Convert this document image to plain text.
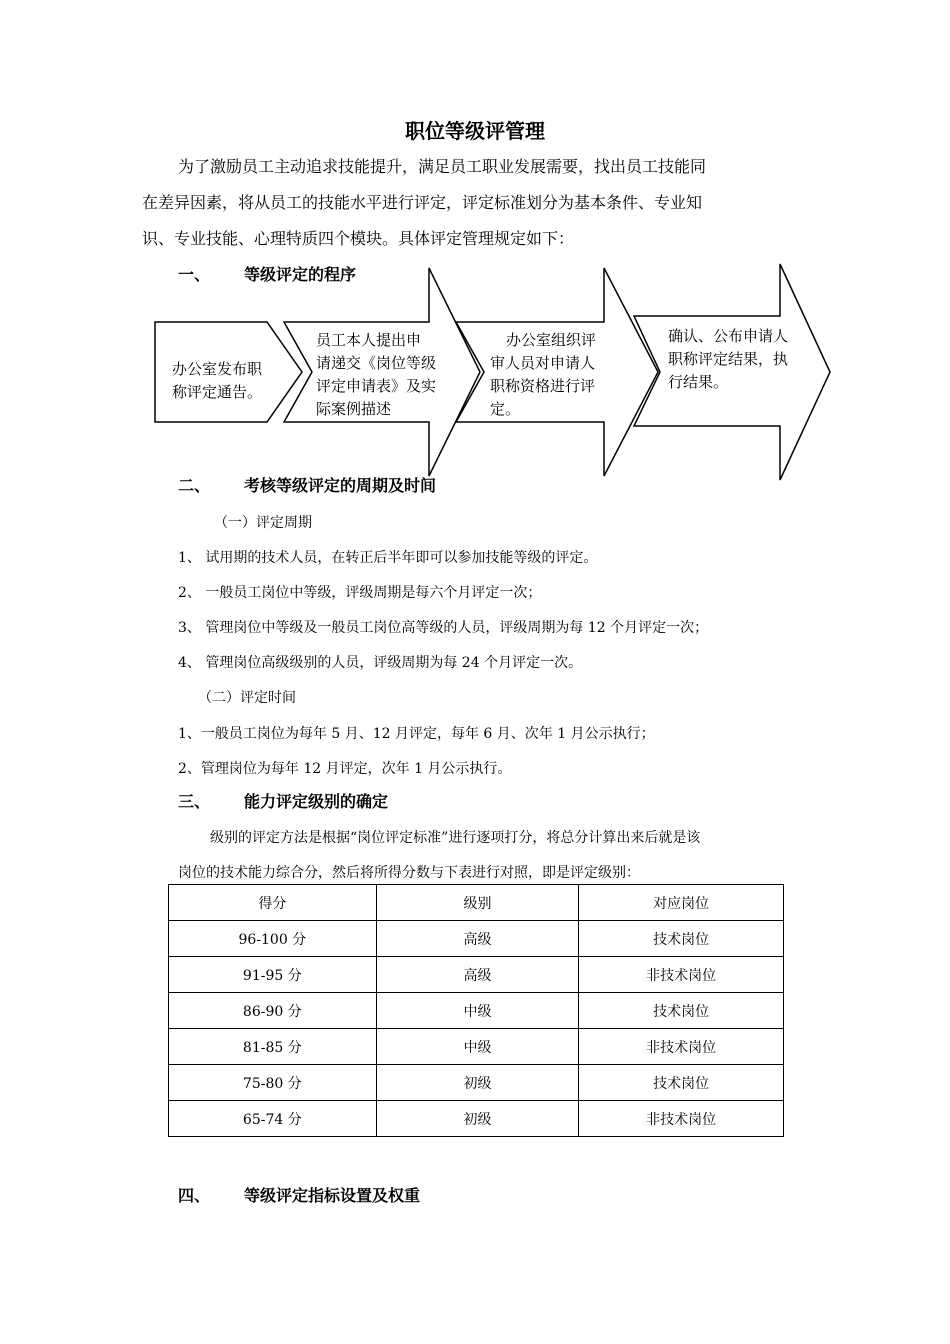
职位等级评管理
为了激励员工主动追求技能提升，满足员工职业发展需要，找出员工技能同
在差异因素，将从员工的技能水平进行评定，评定标准划分为基本条件、专业知
识、专业技能、心理特质四个模块。具体评定管理规定如下：
一、 等级评定的程序
办公室发布职
称评定通告。
员工本人提出申
请递交《岗位等级
评定申请表》及实
际案例描述
办公室组织评
审人员对申请人
职称资格进行评
定。
确认、公布申请人
职称评定结果，执
行结果。
二、 考核等级评定的周期及时间
（一）评定周期
1、 试用期的技术人员，在转正后半年即可以参加技能等级的评定。
2、 一般员工岗位中等级，评级周期是每六个月评定一次；
3、 管理岗位中等级及一般员工岗位高等级的人员，评级周期为每 12 个月评定一次；
4、 管理岗位高级级别的人员，评级周期为每 24 个月评定一次。
（二）评定时间
1、一般员工岗位为每年 5 月、12 月评定，每年 6 月、次年 1 月公示执行；
2、管理岗位为每年 12 月评定，次年 1 月公示执行。
三、 能力评定级别的确定
级别的评定方法是根据“岗位评定标准”进行逐项打分，将总分计算出来后就是该
岗位的技术能力综合分，然后将所得分数与下表进行对照，即是评定级别：
得分	级别	对应岗位
96-100 分	高级	技术岗位
91-95 分	高级	非技术岗位
86-90 分	中级	技术岗位
81-85 分	中级	非技术岗位
75-80 分	初级	技术岗位
65-74 分	初级	非技术岗位
四、 等级评定指标设置及权重
